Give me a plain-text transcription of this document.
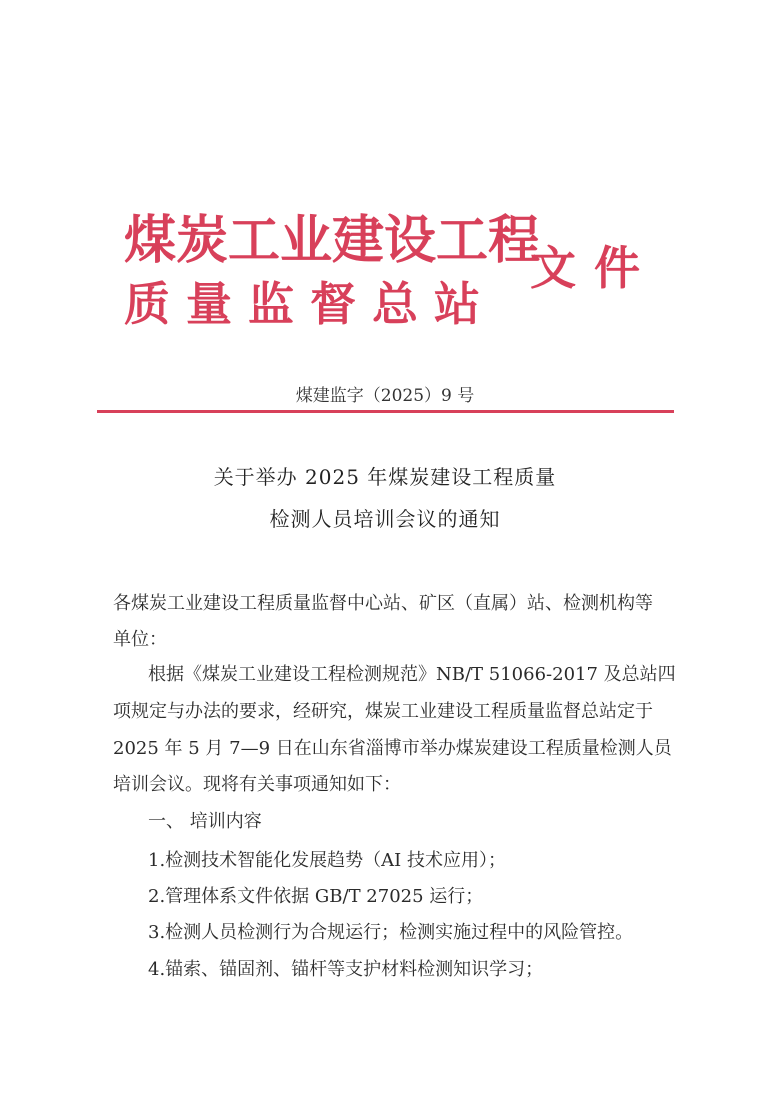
煤炭工业建设工程
质量监督总站
文件
煤建监字（2025）9 号
关于举办 2025 年煤炭建设工程质量
检测人员培训会议的通知
各煤炭工业建设工程质量监督中心站、矿区（直属）站、检测机构等
单位：
根据《煤炭工业建设工程检测规范》NB/T 51066-2017 及总站四
项规定与办法的要求，经研究，煤炭工业建设工程质量监督总站定于
2025 年 5 月 7—9 日在山东省淄博市举办煤炭建设工程质量检测人员
培训会议。现将有关事项通知如下：
一、 培训内容
1.检测技术智能化发展趋势（AI 技术应用）；
2.管理体系文件依据 GB/T 27025 运行；
3.检测人员检测行为合规运行；检测实施过程中的风险管控。
4.锚索、锚固剂、锚杆等支护材料检测知识学习；
